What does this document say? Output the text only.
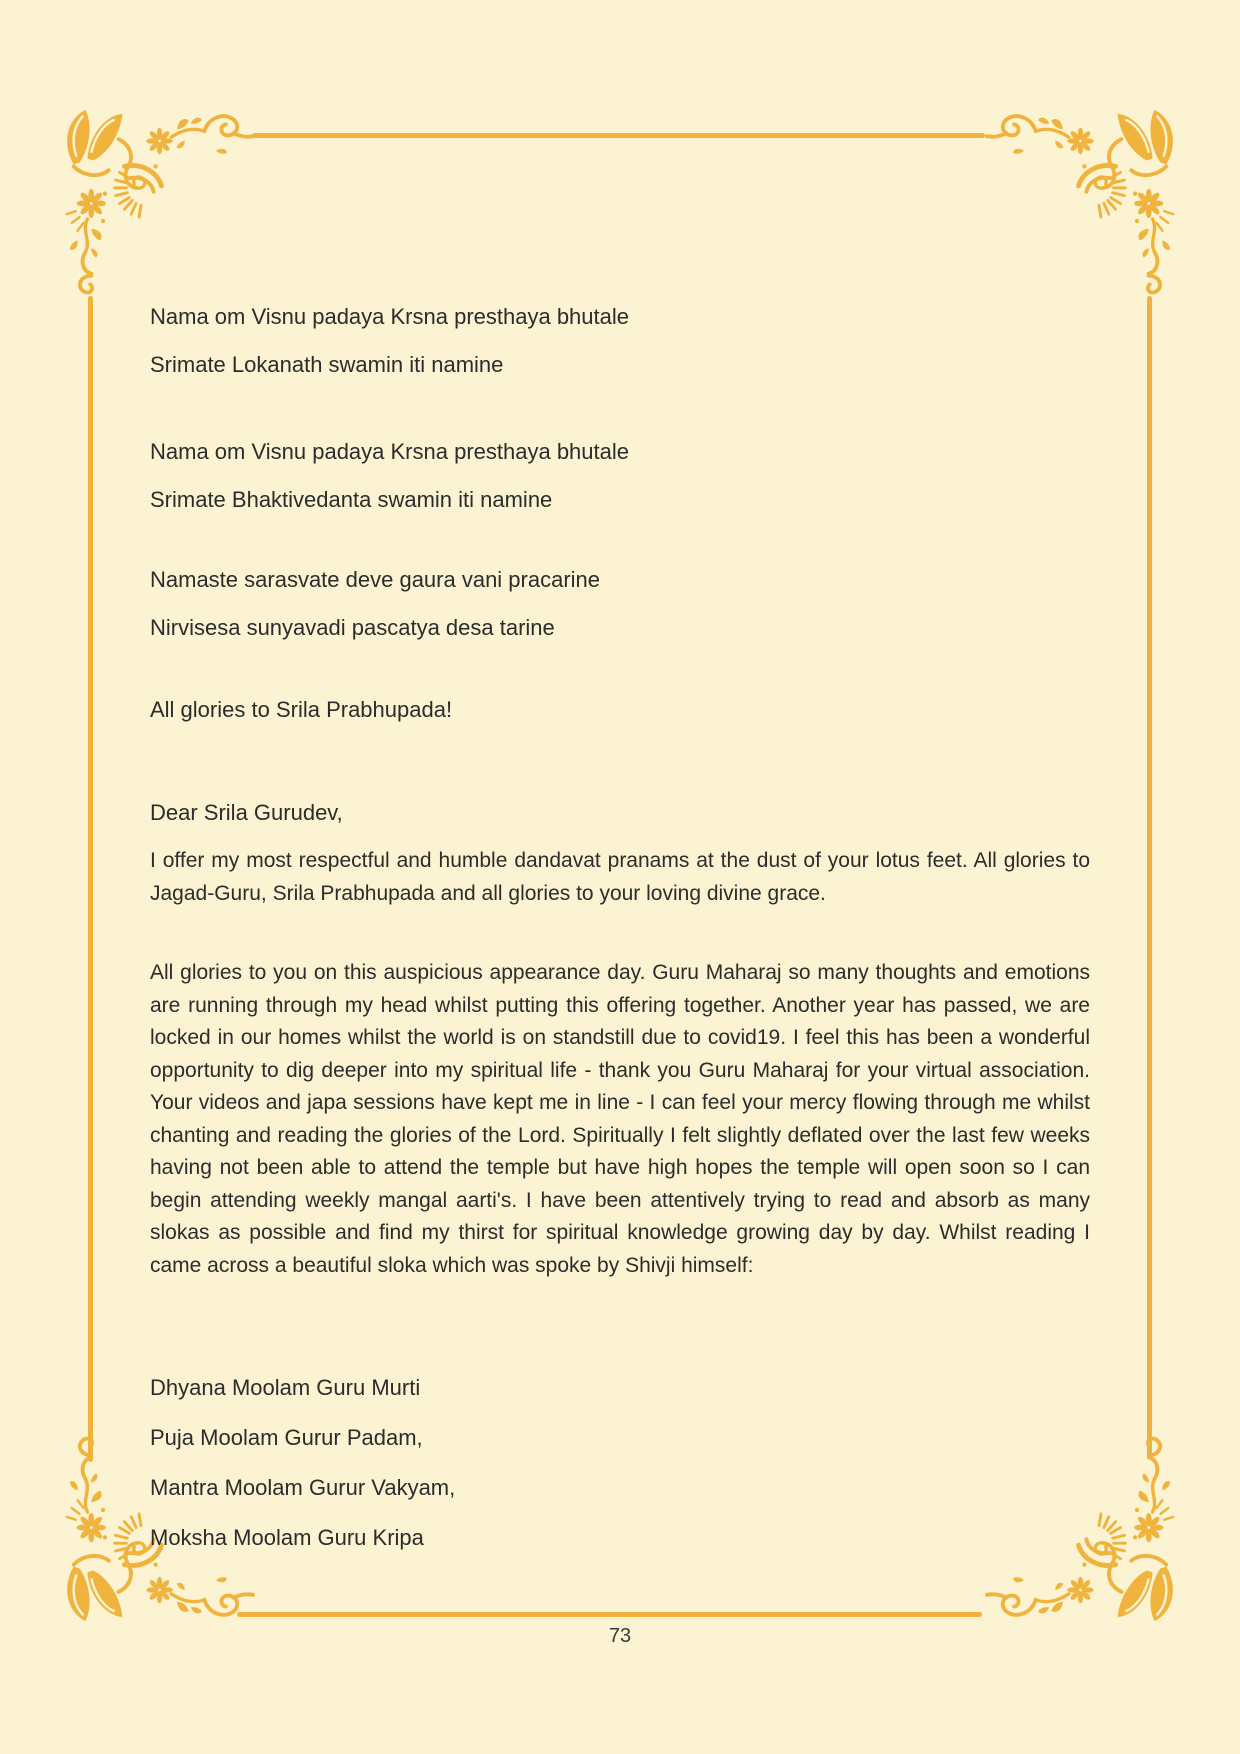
Nama om Visnu padaya Krsna presthaya bhutale
Srimate Lokanath swamin iti namine
Nama om Visnu padaya Krsna presthaya bhutale
Srimate Bhaktivedanta swamin iti namine
Namaste sarasvate deve gaura vani pracarine
Nirvisesa sunyavadi pascatya desa tarine
All glories to Srila Prabhupada!
Dear Srila Gurudev,

I offer my most respectful and humble dandavat pranams at the dust of your lotus feet. All glories to Jagad-Guru, Srila Prabhupada and all glories to your loving divine grace.

All glories to you on this auspicious appearance day. Guru Maharaj so many thoughts and emotions are running through my head whilst putting this offering together. Another year has passed, we are locked in our homes whilst the world is on standstill due to covid19. I feel this has been a wonderful opportunity to dig deeper into my spiritual life - thank you Guru Maharaj for your virtual association. Your videos and japa sessions have kept me in line - I can feel your mercy flowing through me whilst chanting and reading the glories of the Lord. Spiritually I felt slightly deflated over the last few weeks having not been able to attend the temple but have high hopes the temple will open soon so I can begin attending weekly mangal aarti's. I have been attentively trying to read and absorb as many slokas as possible and find my thirst for spiritual knowledge growing day by day. Whilst reading I came across a beautiful sloka which was spoke by Shivji himself:

Dhyana Moolam Guru Murti
Puja Moolam Gurur Padam,
Mantra Moolam Gurur Vakyam,
Moksha Moolam Guru Kripa
73
